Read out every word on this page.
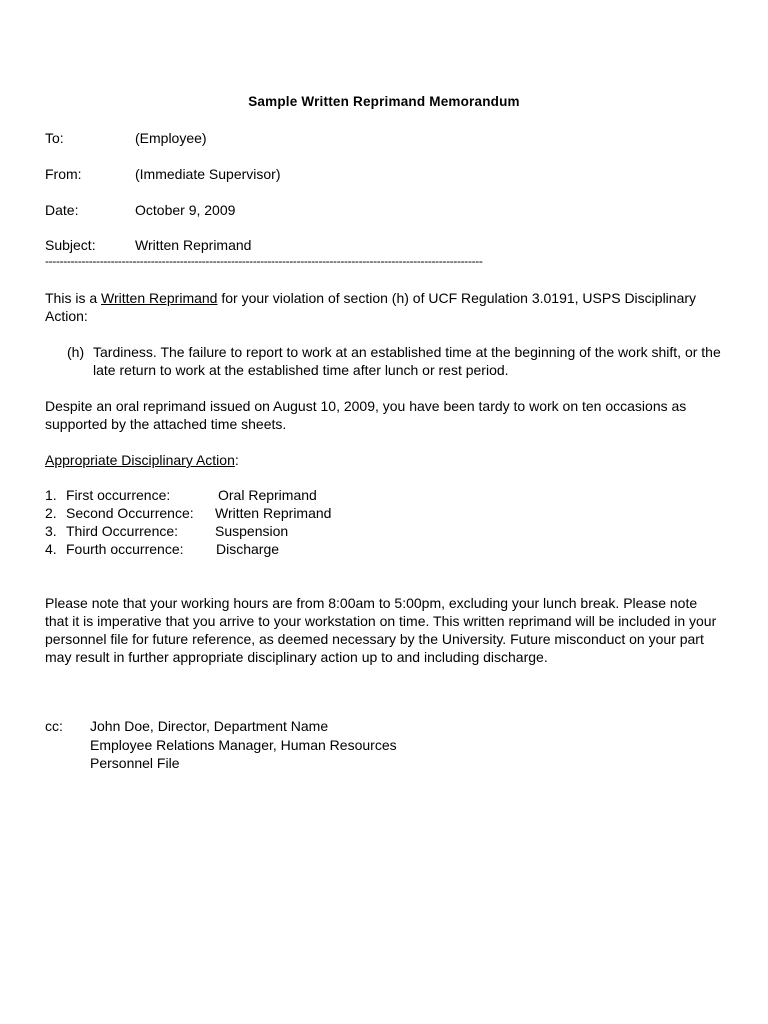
Sample Written Reprimand Memorandum
To:	(Employee)
From:	(Immediate Supervisor)
Date:	October 9, 2009
Subject:	Written Reprimand
------------------------------------------------------------------------------------------------------------------------
This is a Written Reprimand for your violation of section (h) of UCF Regulation 3.0191, USPS Disciplinary Action:
(h) Tardiness. The failure to report to work at an established time at the beginning of the work shift, or the late return to work at the established time after lunch or rest period.
Despite an oral reprimand issued on August 10, 2009, you have been tardy to work on ten occasions as supported by the attached time sheets.
Appropriate Disciplinary Action:
1. First occurrence:	Oral Reprimand
2. Second Occurrence: Written Reprimand
3. Third Occurrence:	Suspension
4. Fourth occurrence: Discharge
Please note that your working hours are from 8:00am to 5:00pm, excluding your lunch break. Please note that it is imperative that you arrive to your workstation on time. This written reprimand will be included in your personnel file for future reference, as deemed necessary by the University. Future misconduct on your part may result in further appropriate disciplinary action up to and including discharge.
cc: John Doe, Director, Department Name
Employee Relations Manager, Human Resources
Personnel File
